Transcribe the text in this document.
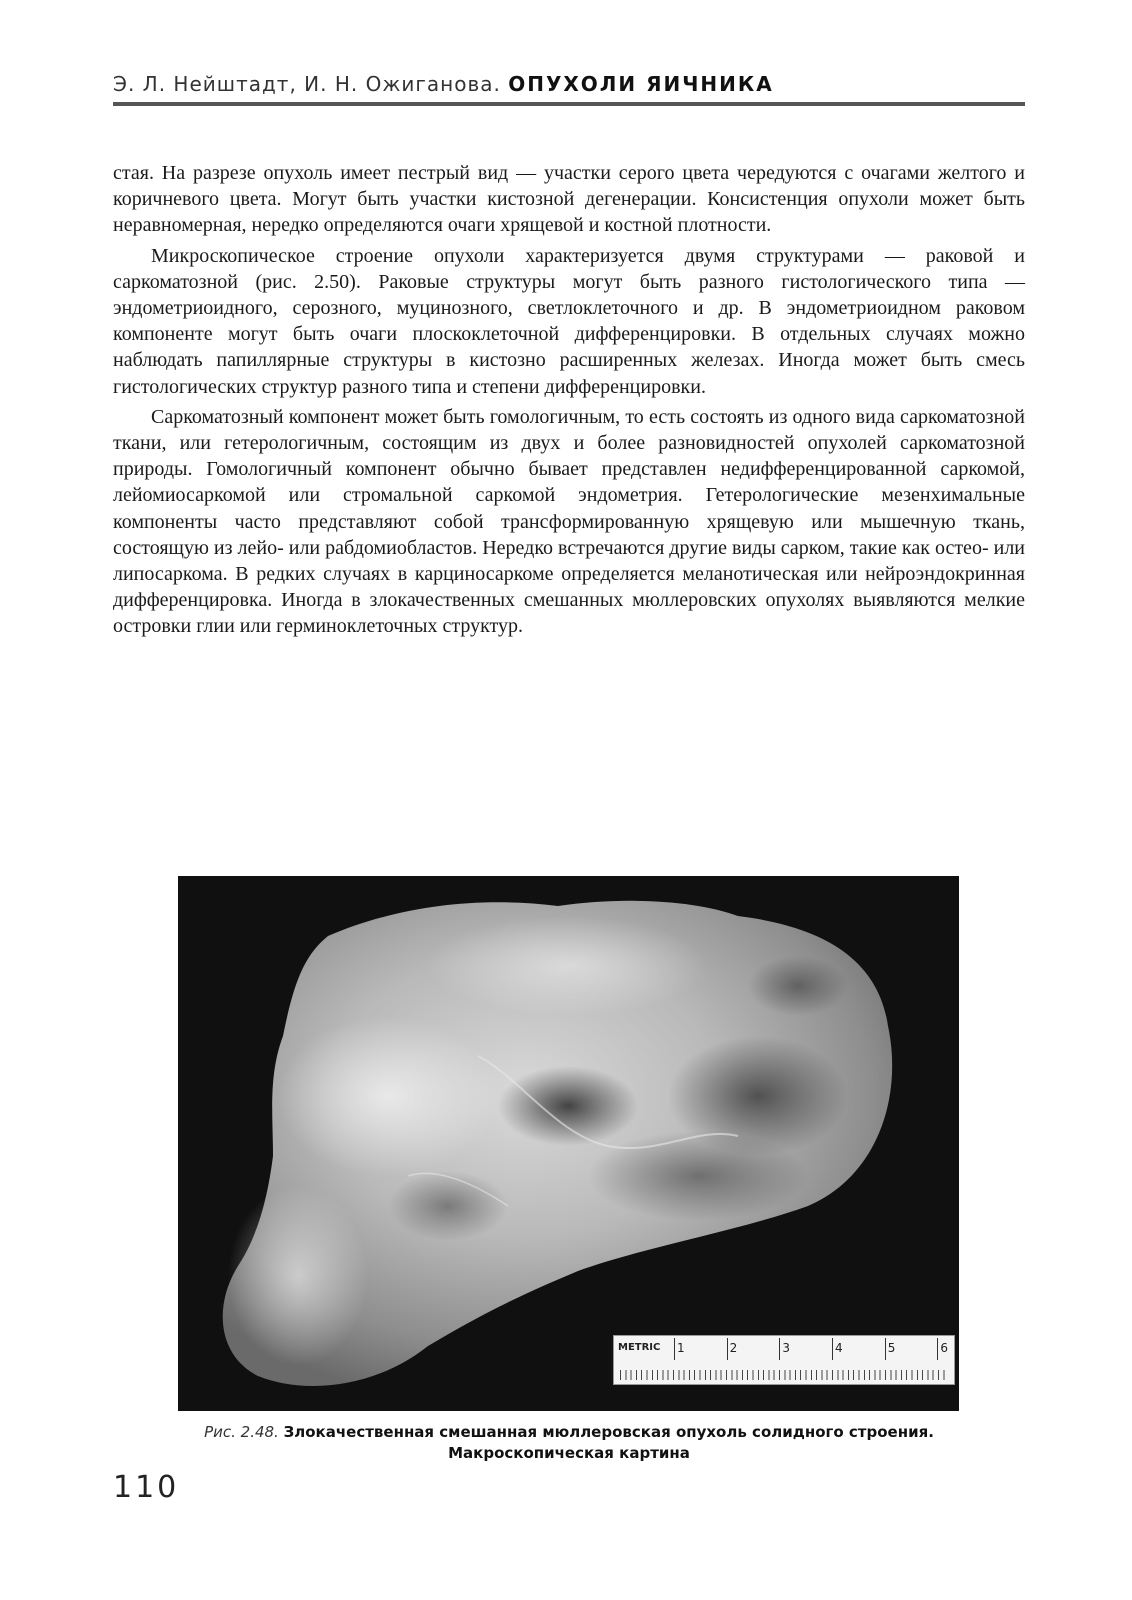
Э. Л. Нейштадт, И. Н. Ожиганова. ОПУХОЛИ ЯИЧНИКА

стая. На разрезе опухоль имеет пестрый вид — участки серого цвета чередуются с очагами желтого и коричневого цвета. Могут быть участки кистозной дегенерации. Консистенция опухоли может быть неравномерная, нередко определяются очаги хрящевой и костной плотности.

Микроскопическое строение опухоли характеризуется двумя структурами — раковой и саркоматозной (рис. 2.50). Раковые структуры могут быть разного гистологического типа — эндометриоидного, серозного, муцинозного, светлоклеточного и др. В эндометриоидном раковом компоненте могут быть очаги плоскоклеточной дифференцировки. В отдельных случаях можно наблюдать папиллярные структуры в кистозно расширенных железах. Иногда может быть смесь гистологических структур разного типа и степени дифференцировки.

Саркоматозный компонент может быть гомологичным, то есть состоять из одного вида саркоматозной ткани, или гетерологичным, состоящим из двух и более разновидностей опухолей саркоматозной природы. Гомологичный компонент обычно бывает представлен недифференцированной саркомой, лейомиосаркомой или стромальной саркомой эндометрия. Гетерологические мезенхимальные компоненты часто представляют собой трансформированную хрящевую или мышечную ткань, состоящую из лейо- или рабдомиобластов. Нередко встречаются другие виды сарком, такие как остео- или липосаркома. В редких случаях в карциносаркоме определяется меланотическая или нейроэндокринная дифференцировка. Иногда в злокачественных смешанных мюллеровских опухолях выявляются мелкие островки глии или герминоклеточных структур.

METRIC 1	2	3	4	5	6
Рис. 2.48. Злокачественная смешанная мюллеровская опухоль солидного строения.
Макроскопическая картина
110
